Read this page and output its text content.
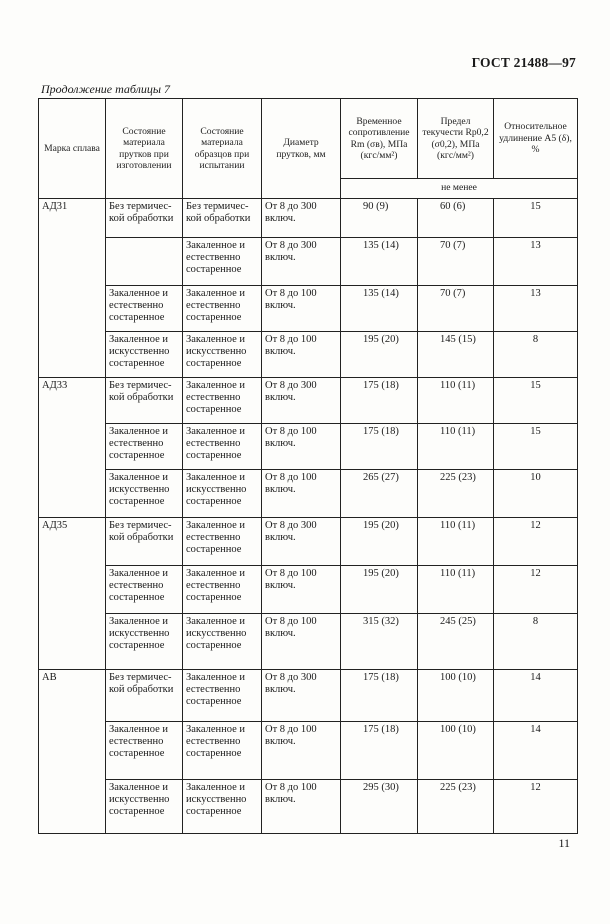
ГОСТ 21488—97
Продолжение таблицы 7
Марка сплава	Состояние материала прутков при изготовлении	Состояние материала образцов при испытании	Диаметр прутков, мм	Временное сопротивление Rm (σв), МПа (кгс/мм²)	Предел текучести Rp0,2 (σ0,2), МПа (кгс/мм²)	Относительное удлинение A5 (δ), %
				не менее		
АД31	Без термичес-кой обработки	Без термичес-кой обработки	От 8 до 300 включ.	90 (9)	60 (6)	15
		Закаленное и естественно состаренное	От 8 до 300 включ.	135 (14)	70 (7)	13
	Закаленное и естественно состаренное	Закаленное и естественно состаренное	От 8 до 100 включ.	135 (14)	70 (7)	13
	Закаленное и искусственно состаренное	Закаленное и искусственно состаренное	От 8 до 100 включ.	195 (20)	145 (15)	8
АД33	Без термичес-кой обработки	Закаленное и естественно состаренное	От 8 до 300 включ.	175 (18)	110 (11)	15
	Закаленное и естественно состаренное	Закаленное и естественно состаренное	От 8 до 100 включ.	175 (18)	110 (11)	15
	Закаленное и искусственно состаренное	Закаленное и искусственно состаренное	От 8 до 100 включ.	265 (27)	225 (23)	10
АД35	Без термичес-кой обработки	Закаленное и естественно состаренное	От 8 до 300 включ.	195 (20)	110 (11)	12
	Закаленное и естественно состаренное	Закаленное и естественно состаренное	От 8 до 100 включ.	195 (20)	110 (11)	12
	Закаленное и искусственно состаренное	Закаленное и искусственно состаренное	От 8 до 100 включ.	315 (32)	245 (25)	8
АВ	Без термичес-кой обработки	Закаленное и естественно состаренное	От 8 до 300 включ.	175 (18)	100 (10)	14
	Закаленное и естественно состаренное	Закаленное и естественно состаренное	От 8 до 100 включ.	175 (18)	100 (10)	14
	Закаленное и искусственно состаренное	Закаленное и искусственно состаренное	От 8 до 100 включ.	295 (30)	225 (23)	12
11
